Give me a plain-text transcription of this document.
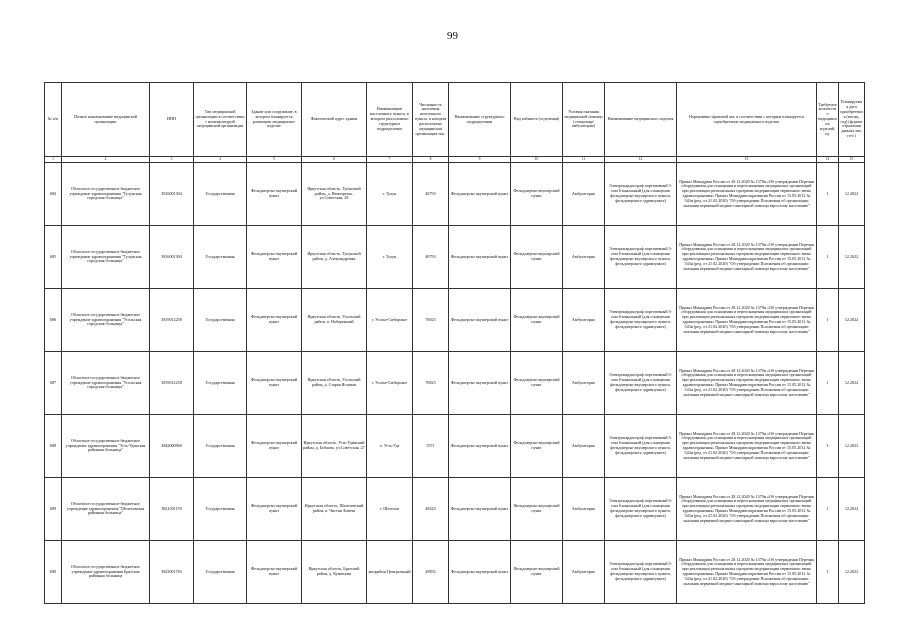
99
№ п/п	Полное наименование медицинской организации	ИНН	Тип медицинской организации в соответствии с номенклатурой медицинской организации	Здание или сооружение, в котором планируется размещать медицинское изделие	Фактический адрес здания	Наименование населенного пункта, в котором расположено структурное подразделение	Численность населения населенного пункта, в котором расположено медицинская организация тыс.	Наименование структурного подразделения	Вид кабинета (отделения)	Условия оказания медицинской помощи (стационар/амбулаторно)	Наименование медицинского изделия	Нормативно-правовой акт, в соответствии с которым планируется приобретение медицинского изделия	Требуемое количество медицинских изделий, ед.	Планируемая дата приобретения (месяц, год) (формат отражения данных мм. гггг.)
1	2	3	4	5	6	7	8	9	10	11	12	13	14	15
684	Областное государственное бюджетное учреждение здравоохранения "Тулунская городская больница"	3816001304	Государственная	Фельдшерско-акушерский пункт	Иркутская область, Тулунский район, д. Нюкторома, ул.Советская, 28	г. Тулун	40793	Фельдшерско-акушерский пункт	Фельдшерско-акушерский пункт	Амбулаторно	Электрокардиограф портативный 3- или 6-канальный (для оснащения фельдшерско-акушерского пункта, фельдшерского здравпункта)	Приказ Минздрава России от 28.12.2020 № 1379н «Об утверждении Перечня оборудования для оснащения и переоснащения медицинских организаций при реализации региональных программ модернизации первичного звена здравоохранения» Приказ Минздравсоцразвития России от 15.05.2012 № 543н (ред. от 21.02.2020) "Об утверждении Положения об организации оказания первичной медико-санитарной помощи взрослому населению"	1	12.2022
685	Областное государственное бюджетное учреждение здравоохранения "Тулунская городская больница"	3816001304	Государственная	Фельдшерско-акушерский пункт	Иркутская область, Тулунский район, д. Александровка	г. Тулун	40793	Фельдшерско-акушерский пункт	Фельдшерско-акушерский пункт	Амбулаторно	Электрокардиограф портативный 3- или 6-канальный (для оснащения фельдшерско-акушерского пункта, фельдшерского здравпункта)	Приказ Минздрава России от 28.12.2020 № 1379н «Об утверждении Перечня оборудования для оснащения и переоснащения медицинских организаций при реализации региональных программ модернизации первичного звена здравоохранения» Приказ Минздравсоцразвития России от 15.05.2012 № 543н (ред. от 21.02.2020) "Об утверждении Положения об организации оказания первичной медико-санитарной помощи взрослому населению"	1	12.2022
686	Областное государственное бюджетное учреждение здравоохранения "Усольская городская больница"	3819012258	Государственная	Фельдшерско-акушерский пункт	Иркутская область, Усольский район, п. Набережный	г. Усолье-Сибирское	76825	Фельдшерско-акушерский пункт	Фельдшерско-акушерский пункт	Амбулаторно	Электрокардиограф портативный 3- или 6-канальный (для оснащения фельдшерско-акушерского пункта, фельдшерского здравпункта)	Приказ Минздрава России от 28.12.2020 № 1379н «Об утверждении Перечня оборудования для оснащения и переоснащения медицинских организаций при реализации региональных программ модернизации первичного звена здравоохранения» Приказ Минздравсоцразвития России от 15.05.2012 № 543н (ред. от 21.02.2020) "Об утверждении Положения об организации оказания первичной медико-санитарной помощи взрослому населению"	1	12.2022
687	Областное государственное бюджетное учреждение здравоохранения "Усольская городская больница"	3819012258	Государственная	Фельдшерско-акушерский пункт	Иркутская область, Усольский район, д. Старая Ясачная	г. Усолье-Сибирское	76825	Фельдшерско-акушерский пункт	Фельдшерско-акушерский пункт	Амбулаторно	Электрокардиограф портативный 3- или 6-канальный (для оснащения фельдшерско-акушерского пункта, фельдшерского здравпункта)	Приказ Минздрава России от 28.12.2020 № 1379н «Об утверждении Перечня оборудования для оснащения и переоснащения медицинских организаций при реализации региональных программ модернизации первичного звена здравоохранения» Приказ Минздравсоцразвития России от 15.05.2012 № 543н (ред. от 21.02.2020) "Об утверждении Положения об организации оказания первичной медико-санитарной помощи взрослому населению"	1	12.2022
688	Областное государственное бюджетное учреждение здравоохранения "Усть-Удинская районная больница"	3842000960	Государственная	Фельдшерско-акушерский пункт	Иркутская область, Усть-Удинский район, д. Бобкова, ул.Советская, 27	п. Усть-Уда	5571	Фельдшерско-акушерский пункт	Фельдшерско-акушерский пункт	Амбулаторно	Электрокардиограф портативный 3- или 6-канальный (для оснащения фельдшерско-акушерского пункта, фельдшерского здравпункта)	Приказ Минздрава России от 28.12.2020 № 1379н «Об утверждении Перечня оборудования для оснащения и переоснащения медицинских организаций при реализации региональных программ модернизации первичного звена здравоохранения» Приказ Минздравсоцразвития России от 15.05.2012 № 543н (ред. от 21.02.2020) "Об утверждении Положения об организации оказания первичной медико-санитарной помощи взрослому населению"	1	12.2022
689	Областное государственное бюджетное учреждение здравоохранения "Шелеховская районная больница"	3821001159	Государственная	Фельдшерско-акушерский пункт	Иркутская область, Шелеховский район, п. Чистые Ключи	г. Шелехов	48423	Фельдшерско-акушерский пункт	Фельдшерско-акушерский пункт	Амбулаторно	Электрокардиограф портативный 3- или 6-канальный (для оснащения фельдшерско-акушерского пункта, фельдшерского здравпункта)	Приказ Минздрава России от 28.12.2020 № 1379н «Об утверждении Перечня оборудования для оснащения и переоснащения медицинских организаций при реализации региональных программ модернизации первичного звена здравоохранения» Приказ Минздравсоцразвития России от 15.05.2012 № 543н (ред. от 21.02.2020) "Об утверждении Положения об организации оказания первичной медико-санитарной помощи взрослому населению"	1	12.2022
690	Областное государственное бюджетное учреждение здравоохранения Братская районная больница	3823001765	Государственная	Фельдшерско-акушерский пункт	Иркутская область, Братский район, д. Кузнецова	жилрайон Центральный	49835	Фельдшерско-акушерский пункт	Фельдшерско-акушерский пункт	Амбулаторно	Электрокардиограф портативный 3- или 6-канальный (для оснащения фельдшерско-акушерского пункта, фельдшерского здравпункта)	Приказ Минздрава России от 28.12.2020 № 1379н «Об утверждении Перечня оборудования для оснащения и переоснащения медицинских организаций при реализации региональных программ модернизации первичного звена здравоохранения» Приказ Минздравсоцразвития России от 15.05.2012 № 543н (ред. от 21.02.2020) "Об утверждении Положения об организации оказания первичной медико-санитарной помощи взрослому населению"	1	12.2022
